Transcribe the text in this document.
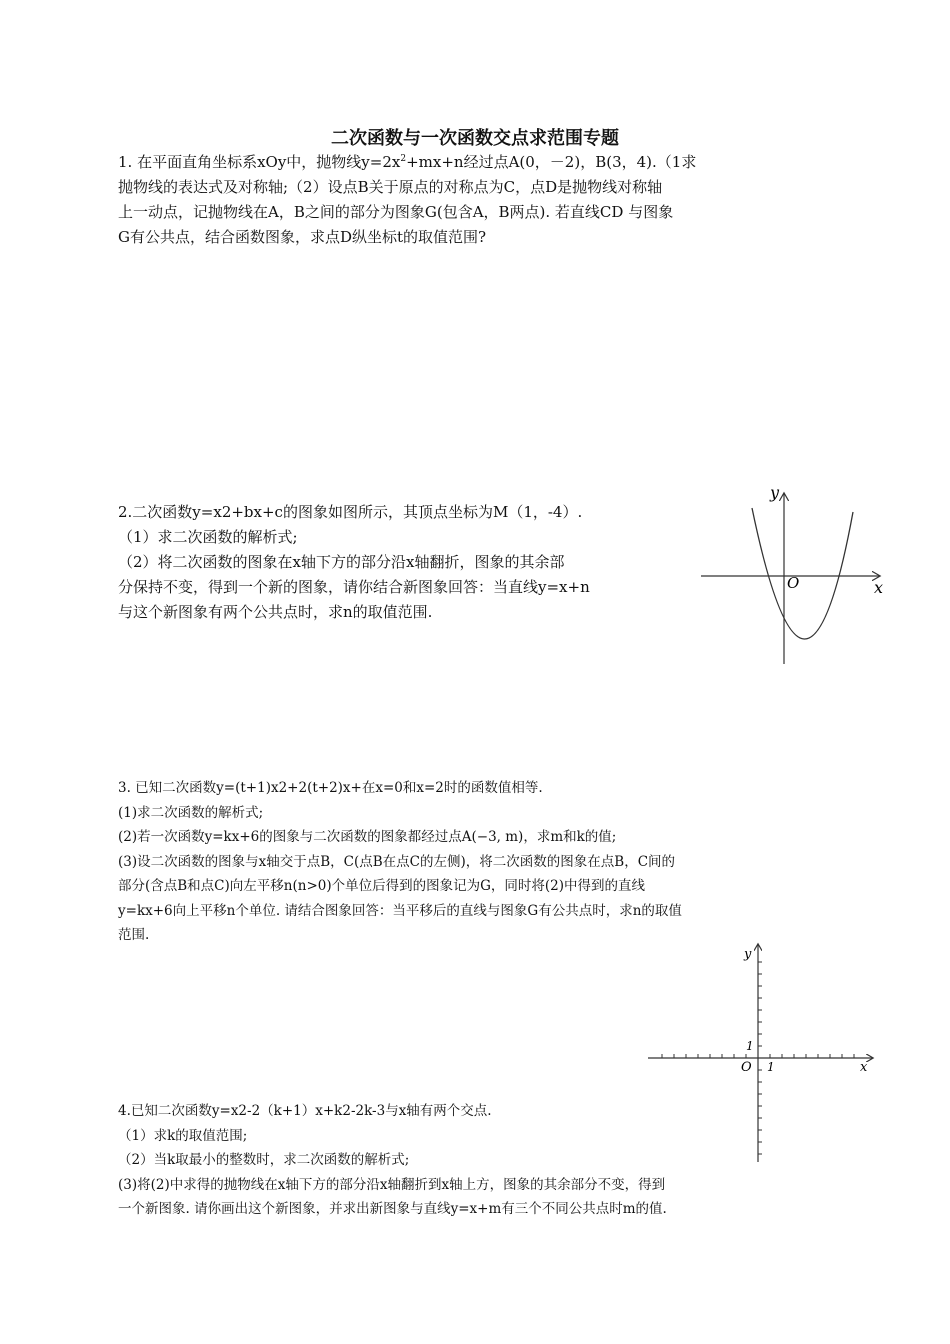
二次函数与一次函数交点求范围专题
1. 在平面直角坐标系xOy中，抛物线$y=2x^2+mx+n$经过点A(0，－2)，B(3，4).（1求
抛物线的表达式及对称轴;（2）设点B关于原点的对称点为C，点D是抛物线对称轴
上一动点，记抛物线在A，B之间的部分为图象G(包含A，B两点). 若直线CD 与图象
G有公共点，结合函数图象，求点D纵坐标t的取值范围?
2.二次函数y=x2+bx+c的图象如图所示，其顶点坐标为M（1，-4）.
（1）求二次函数的解析式;
（2）将二次函数的图象在x轴下方的部分沿x轴翻折，图象的其余部
分保持不变，得到一个新的图象，请你结合新图象回答：当直线y=x+n
与这个新图象有两个公共点时，求n的取值范围.
y
x
O
3. 已知二次函数y=(t+1)x2+2(t+2)x+在x=0和x=2时的函数值相等.
(1)求二次函数的解析式;
(2)若一次函数y=kx+6的图象与二次函数的图象都经过点A(−3, m)，求m和k的值;
(3)设二次函数的图象与x轴交于点B，C(点B在点C的左侧)，将二次函数的图象在点B，C间的
部分(含点B和点C)向左平移n(n>0)个单位后得到的图象记为G，同时将(2)中得到的直线
y=kx+6向上平移n个单位. 请结合图象回答：当平移后的直线与图象G有公共点时，求n的取值
范围.
y
x
O 1
1
4.已知二次函数y=x2-2（k+1）x+k2-2k-3与x轴有两个交点.
（1）求k的取值范围;
（2）当k取最小的整数时，求二次函数的解析式;
(3)将(2)中求得的抛物线在x轴下方的部分沿x轴翻折到x轴上方，图象的其余部分不变，得到
一个新图象. 请你画出这个新图象，并求出新图象与直线y=x+m有三个不同公共点时m的值.
